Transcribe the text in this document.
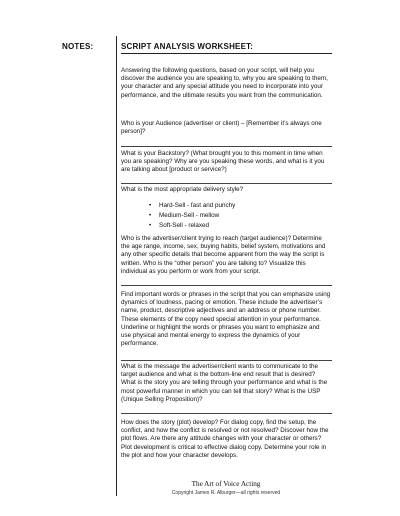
NOTES:	SCRIPT ANALYSIS WORKSHEET:

Answering the following questions, based on your script, will help you discover the audience you are speaking to, why you are speaking to them, your character and any special attitude you need to incorporate into your performance, and the ultimate results you want from the communication.

Who is your Audience (advertiser or client) – [Remember it’s always one person]?

What is your Backstory? (What brought you to this moment in time when you are speaking? Why are you speaking these words, and what is it you are talking about [product or service?)

What is the most appropriate delivery style?

• Hard-Sell - fast and punchy
• Medium-Sell - mellow
• Soft-Sell - relaxed

Who is the advertiser/client trying to reach (target audience)? Determine the age range, income, sex, buying habits, belief system, motivations and any other specific details that become apparent from the way the script is written. Who is the “other person” you are talking to? Visualize this individual as you perform or work from your script.

Find important words or phrases in the script that you can emphasize using dynamics of loudness, pacing or emotion. These include the advertiser’s name, product, descriptive adjectives and an address or phone number. These elements of the copy need special attention in your performance. Underline or highlight the words or phrases you want to emphasize and use physical and mental energy to express the dynamics of your performance.

What is the message the advertiser/client wants to communicate to the target audience and what is the bottom-line end result that is desired? What is the story you are telling through your performance and what is the most powerful manner in which you can tell that story? What is the USP (Unique Selling Proposition)?

How does the story (plot) develop? For dialog copy, find the setup, the conflict, and how the conflict is resolved or not resolved? Discover how the plot flows. Are there any attitude changes with your character or others? Plot development is critical to effective dialog copy. Determine your role in the plot and how your character develops.

The Art of Voice Acting
Copyright James R. Alburger—all rights reserved
